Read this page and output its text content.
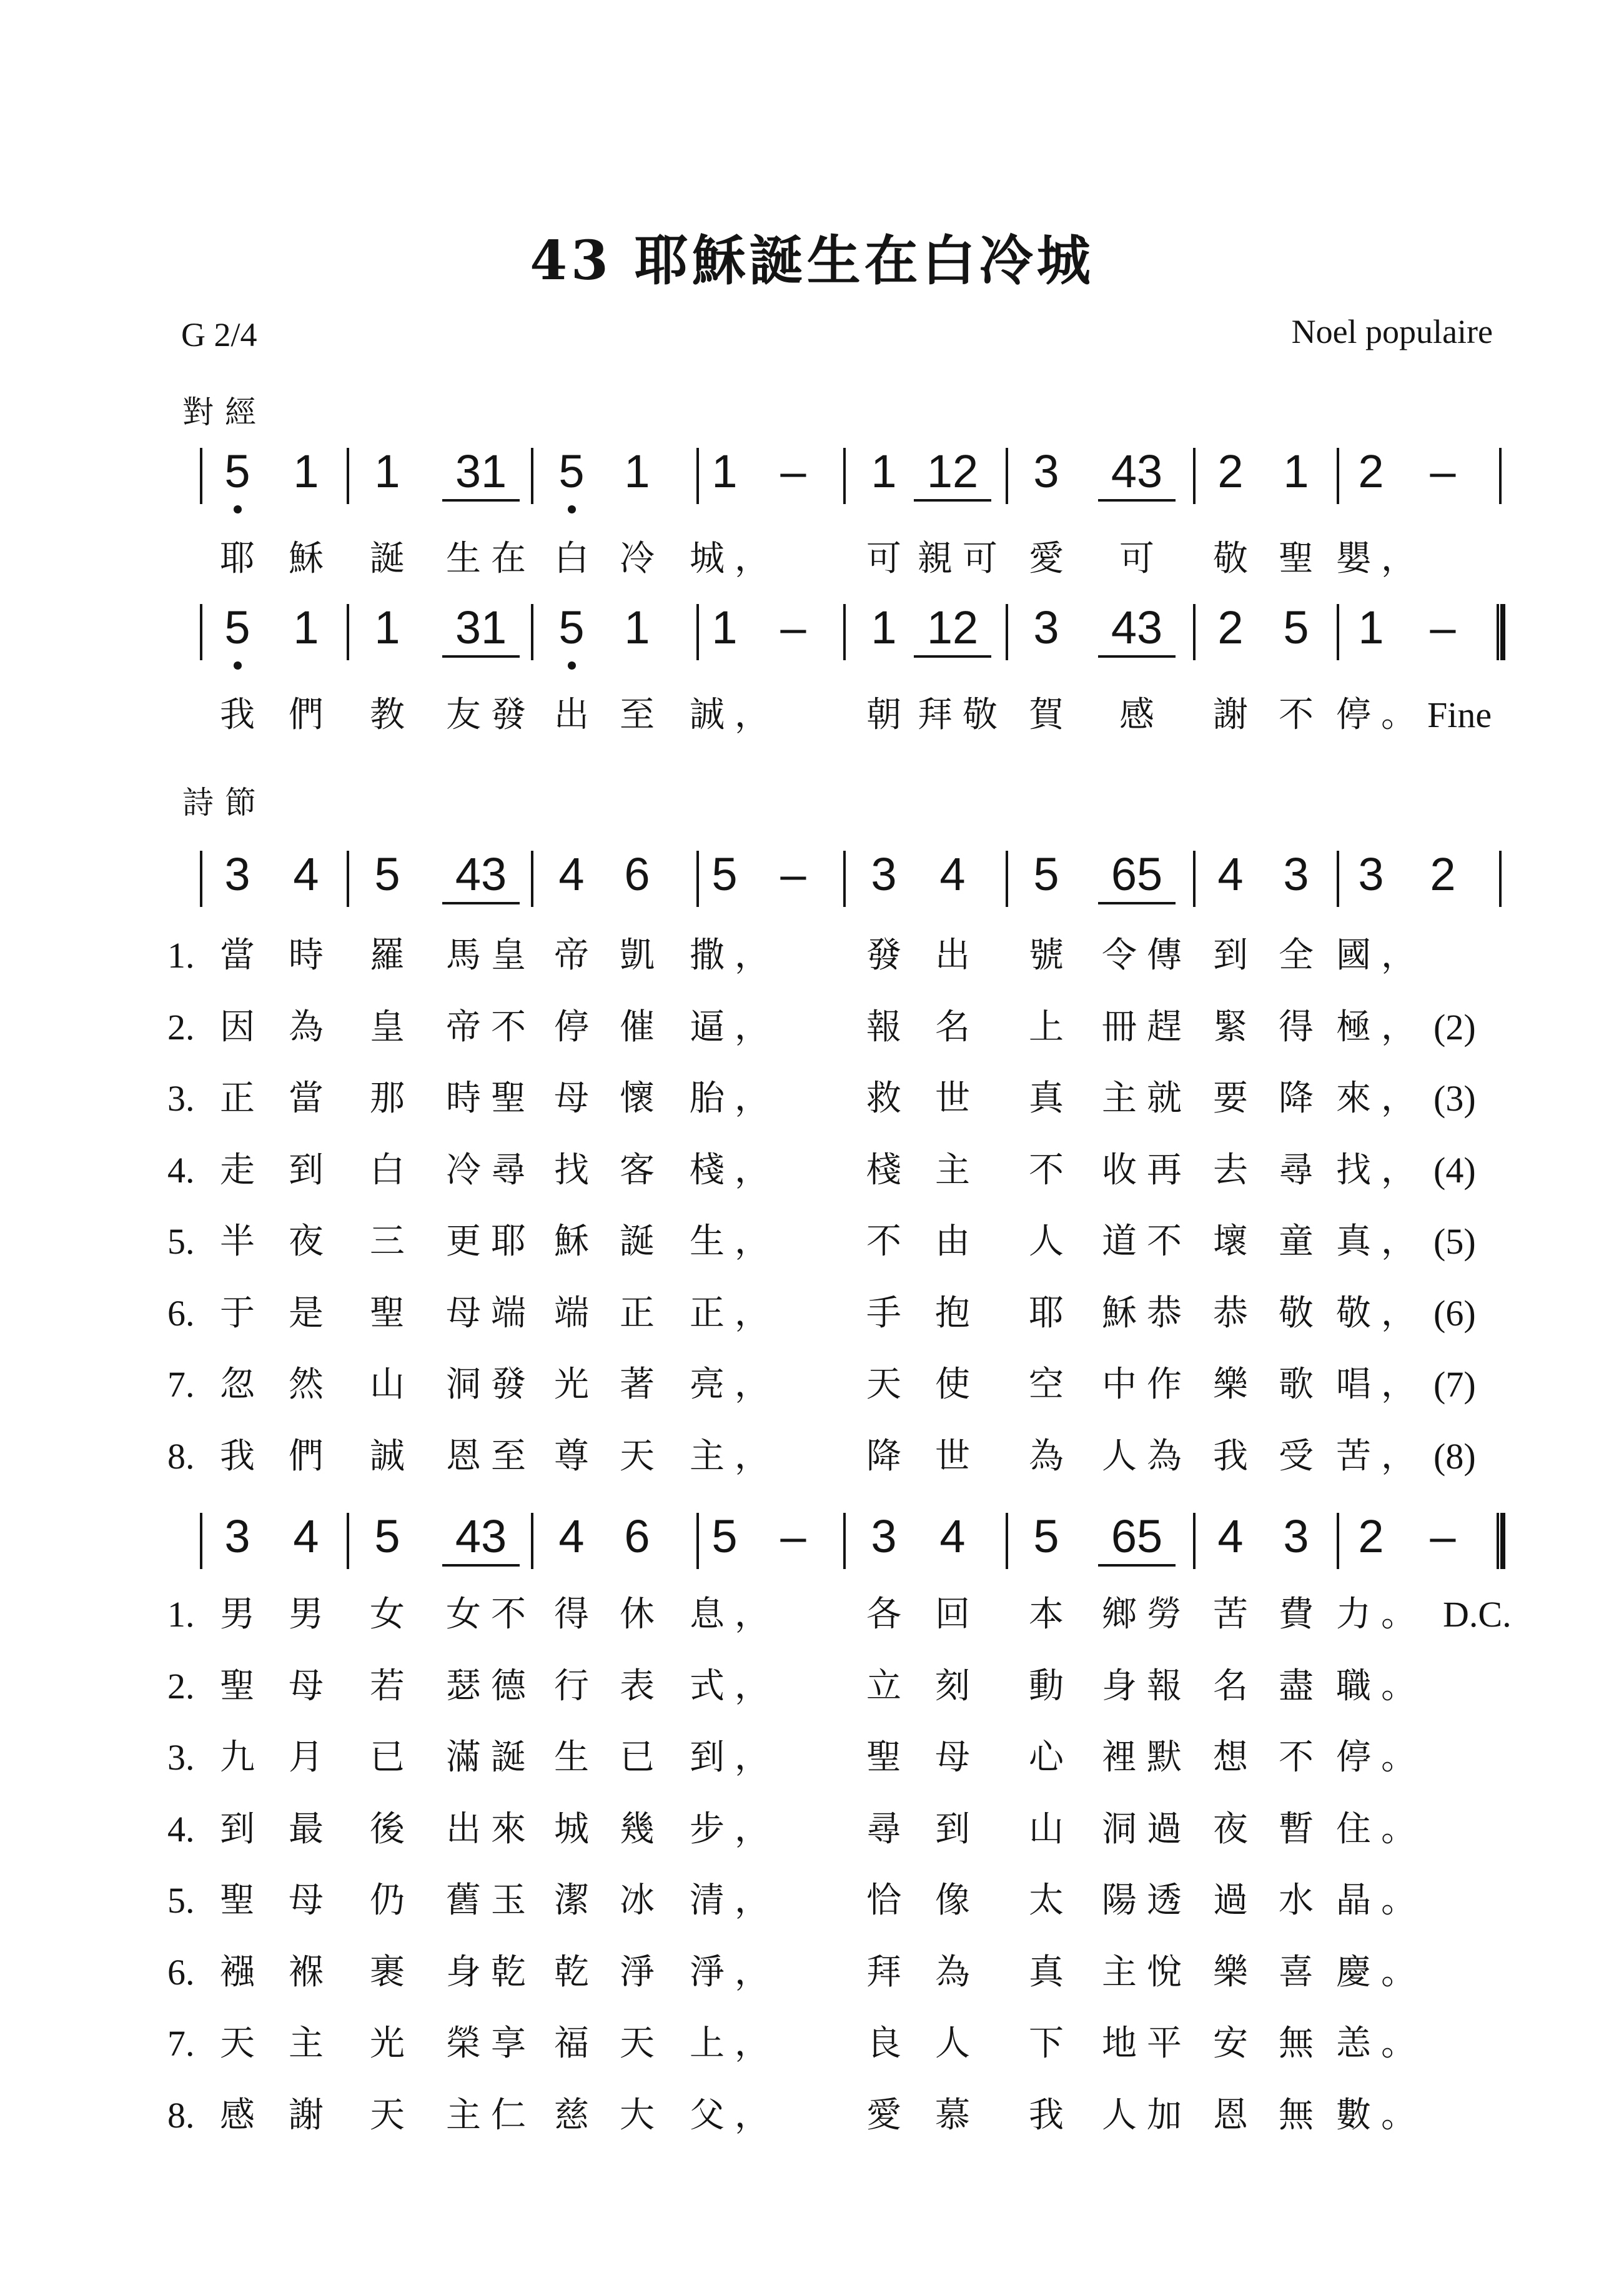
43 耶穌誕生在白冷城
G 2/4	Noel populaire
對經
詩節
5 1 1	31	5 1 1 – 1 12	3	43	2 1 2 –
耶 穌 誕 生在 白 冷 城， 可 親可 愛 可 敬 聖 嬰，
5 1 1	31	5 1 1 – 1 12	3	43	2 5 1 –
我 們 教 友發 出 至 誠， 朝 拜敬 賀 感 謝 不 停。 Fine
3 4 5	43	4 6 5 – 3 4 5	65	4 3 3 2
1. 當 時 羅 馬皇 帝 凱 撒， 發 出 號 令傳 到 全 國，
2. 因 為 皇 帝不 停 催 逼， 報 名 上 冊趕 緊 得 極， (2)
3. 正 當 那 時聖 母 懷 胎， 救 世 真 主就 要 降 來， (3)
4. 走 到 白 冷尋 找 客 棧， 棧 主 不 收再 去 尋 找， (4)
5. 半 夜 三 更耶 穌 誕 生， 不 由 人 道不 壞 童 真， (5)
6. 于 是 聖 母端 端 正 正， 手 抱 耶 穌恭 恭 敬 敬， (6)
7. 忽 然 山 洞發 光 著 亮， 天 使 空 中作 樂 歌 唱， (7)
8. 我 們 誠 恩至 尊 天 主， 降 世 為 人為 我 受 苦， (8)
3 4 5	43	4 6 5 – 3 4 5	65	4 3 2 –
1. 男 男 女 女不 得 休 息， 各 回 本 鄉勞 苦 費 力。 D.C.
2. 聖 母 若 瑟德 行 表 式， 立 刻 動 身報 名 盡 職。
3. 九 月 已 滿誕 生 已 到， 聖 母 心 裡默 想 不 停。
4. 到 最 後 出來 城 幾 步， 尋 到 山 洞過 夜 暫 住。
5. 聖 母 仍 舊玉 潔 冰 清， 恰 像 太 陽透 過 水 晶。
6. 襁 褓 裹 身乾 乾 淨 淨， 拜 為 真 主悅 樂 喜 慶。
7. 天 主 光 榮享 福 天 上， 良 人 下 地平 安 無 恙。
8. 感 謝 天 主仁 慈 大 父， 愛 慕 我 人加 恩 無 數。
